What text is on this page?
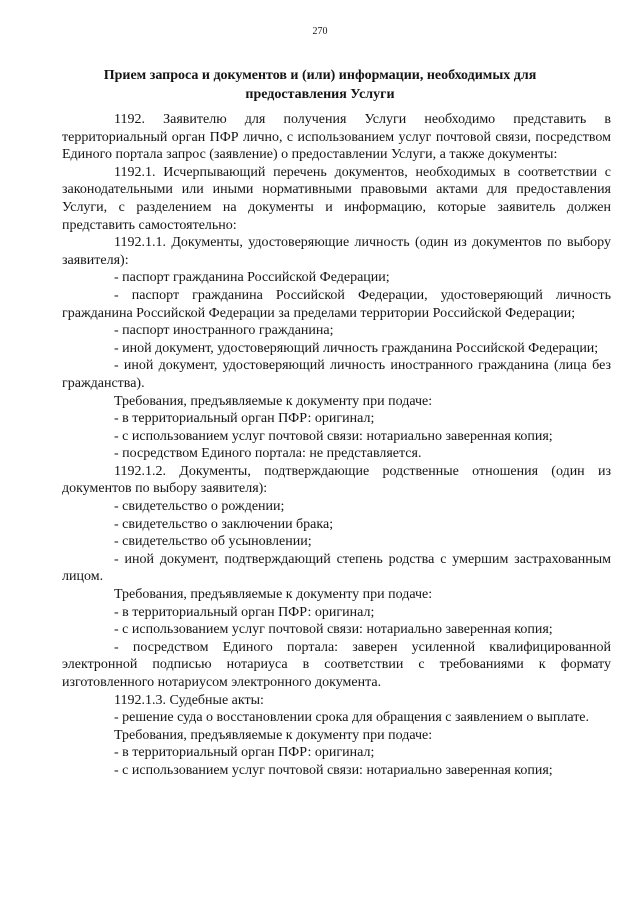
270
Прием запроса и документов и (или) информации, необходимых для
предоставления Услуги

1192. Заявителю для получения Услуги необходимо представить в территориальный орган ПФР лично, с использованием услуг почтовой связи, посредством Единого портала запрос (заявление) о предоставлении Услуги, а также документы:

1192.1. Исчерпывающий перечень документов, необходимых в соответствии с законодательными или иными нормативными правовыми актами для предоставления Услуги, с разделением на документы и информацию, которые заявитель должен представить самостоятельно:

1192.1.1. Документы, удостоверяющие личность (один из документов по выбору заявителя):

- паспорт гражданина Российской Федерации;

- паспорт гражданина Российской Федерации, удостоверяющий личность гражданина Российской Федерации за пределами территории Российской Федерации;

- паспорт иностранного гражданина;

- иной документ, удостоверяющий личность гражданина Российской Федерации;

- иной документ, удостоверяющий личность иностранного гражданина (лица без гражданства).

Требования, предъявляемые к документу при подаче:

- в территориальный орган ПФР: оригинал;

- с использованием услуг почтовой связи: нотариально заверенная копия;

- посредством Единого портала: не представляется.

1192.1.2. Документы, подтверждающие родственные отношения (один из документов по выбору заявителя):

- свидетельство о рождении;

- свидетельство о заключении брака;

- свидетельство об усыновлении;

- иной документ, подтверждающий степень родства с умершим застрахованным лицом.

Требования, предъявляемые к документу при подаче:

- в территориальный орган ПФР: оригинал;

- с использованием услуг почтовой связи: нотариально заверенная копия;

- посредством Единого портала: заверен усиленной квалифицированной электронной подписью нотариуса в соответствии с требованиями к формату изготовленного нотариусом электронного документа.

1192.1.3. Судебные акты:

- решение суда о восстановлении срока для обращения с заявлением о выплате.

Требования, предъявляемые к документу при подаче:

- в территориальный орган ПФР: оригинал;

- с использованием услуг почтовой связи: нотариально заверенная копия;
